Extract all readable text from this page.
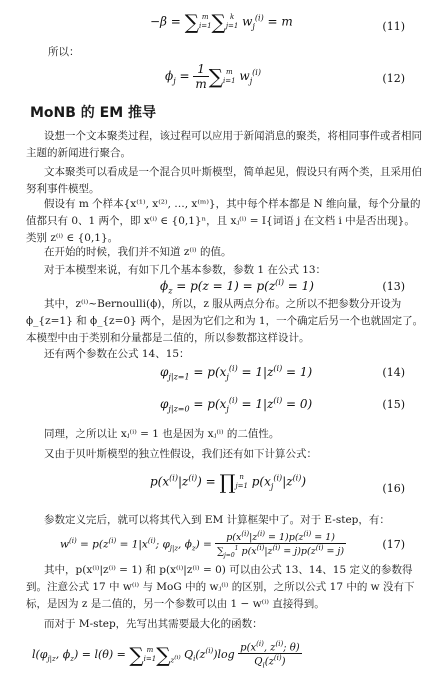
−β = ∑ m
i=1∑ k
j=1 $w_j^{(i)} = m$	(11)
所以：
$\phi_j = \frac{1}{m}$ ∑ m
i=1 $w_j^{(i)}$	(12)
MoNB 的 EM 推导
设想一个文本聚类过程，该过程可以应用于新闻消息的聚类，将相同事件或者相同主题的新闻进行聚合。
文本聚类可以看成是一个混合贝叶斯模型，简单起见，假设只有两个类，且采用伯努利事件模型。
假设有 m 个样本{x⁽¹⁾, x⁽²⁾, …, x⁽ᵐ⁾}，其中每个样本都是 N 维向量，每个分量的值都只有 0、1 两个，即 x⁽ⁱ⁾ ∈ {0,1}ⁿ，且 xⱼ⁽ⁱ⁾ = I{词语 j 在文档 i 中是否出现}。类别 z⁽ⁱ⁾ ∈ {0,1}。
在开始的时候，我们并不知道 z⁽ⁱ⁾ 的值。
对于本模型来说，有如下几个基本参数，参数 1 在公式 13：
$\phi_z = p(z = 1) = p(z^{(i)} = 1)$	(13)
其中，z⁽ⁱ⁾~Bernoulli(ϕ)，所以，z 服从两点分布。之所以不把参数分开设为 ϕ_{z=1} 和 ϕ_{z=0} 两个，是因为它们之和为 1，一个确定后另一个也就固定了。本模型中由于类别和分量都是二值的，所以参数都这样设计。
还有两个参数在公式 14、15：
$\varphi_{j|z=1} = p(x_j^{(i)} = 1|z^{(i)} = 1)$	(14)
$\varphi_{j|z=0} = p(x_j^{(i)} = 1|z^{(i)} = 0)$	(15)
同理，之所以让 xⱼ⁽ⁱ⁾ = 1 也是因为 xⱼ⁽ⁱ⁾ 的二值性。
又由于贝叶斯模型的独立性假设，我们还有如下计算公式：
$p(x^{(i)}|z^{(i)})$ = ∏ n
j=1 $p(x_j^{(i)}|z^{(i)})$	(16)
参数定义完后，就可以将其代入到 EM 计算框架中了。对于 E-step，有：
$w^{(i)} = p(z^{(i)} = 1|x^{(i)}$; $\varphi_{j|z}$, $\phi_z) = \frac{p(x^{(i)}|z^{(i)} = 1)p(z^{(i)} = 1)}{\sum_{j=0}^1 p(x^{(i)}|z^{(i)} = j)p(z^{(i)} = j)}$	(17)
其中，p(x⁽ⁱ⁾|z⁽ⁱ⁾ = 1) 和 p(x⁽ⁱ⁾|z⁽ⁱ⁾ = 0) 可以由公式 13、14、15 定义的参数得到。注意公式 17 中 w⁽ⁱ⁾ 与 MoG 中的 wⱼ⁽ⁱ⁾ 的区别，之所以公式 17 中的 w 没有下标，是因为 z 是二值的，另一个参数可以由 1 − w⁽ⁱ⁾ 直接得到。
而对于 M-step，先写出其需要最大化的函数：
$l(\varphi_{j|z}$, $\phi_z) = l(\theta)$ = ∑ m
i=1∑
$z^{(i)}$ $Q_i(z^{(i)})\log \frac{p(x^{(i)}, z^{(i)}; \theta)}{Q_i(z^{(i)})}$
